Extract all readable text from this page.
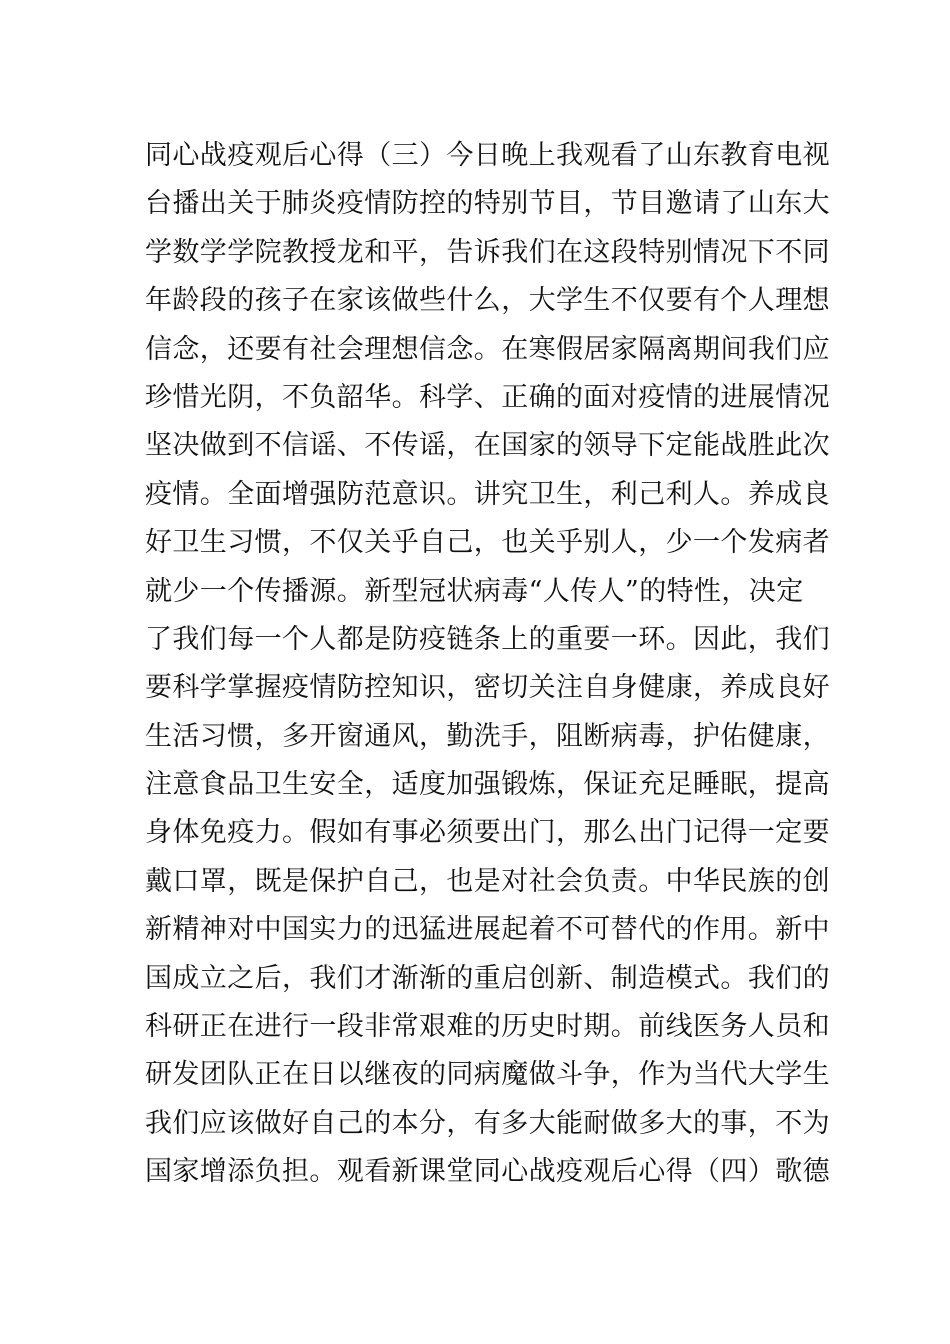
同心战疫观后心得（三）今日晚上我观看了山东教育电视
台播出关于肺炎疫情防控的特别节目，节目邀请了山东大
学数学学院教授龙和平，告诉我们在这段特别情况下不同
年龄段的孩子在家该做些什么，大学生不仅要有个人理想
信念，还要有社会理想信念。在寒假居家隔离期间我们应
珍惜光阴，不负韶华。科学、正确的面对疫情的进展情况
坚决做到不信谣、不传谣，在国家的领导下定能战胜此次
疫情。全面增强防范意识。讲究卫生，利己利人。养成良
好卫生习惯，不仅关乎自己，也关乎别人，少一个发病者
就少一个传播源。新型冠状病毒“人传人”的特性，决定
了我们每一个人都是防疫链条上的重要一环。因此，我们
要科学掌握疫情防控知识，密切关注自身健康，养成良好
生活习惯，多开窗通风，勤洗手，阻断病毒，护佑健康，
注意食品卫生安全，适度加强锻炼，保证充足睡眠，提高
身体免疫力。假如有事必须要出门，那么出门记得一定要
戴口罩，既是保护自己，也是对社会负责。中华民族的创
新精神对中国实力的迅猛进展起着不可替代的作用。新中
国成立之后，我们才渐渐的重启创新、制造模式。我们的
科研正在进行一段非常艰难的历史时期。前线医务人员和
研发团队正在日以继夜的同病魔做斗争，作为当代大学生
我们应该做好自己的本分，有多大能耐做多大的事，不为
国家增添负担。观看新课堂同心战疫观后心得（四）歌德
